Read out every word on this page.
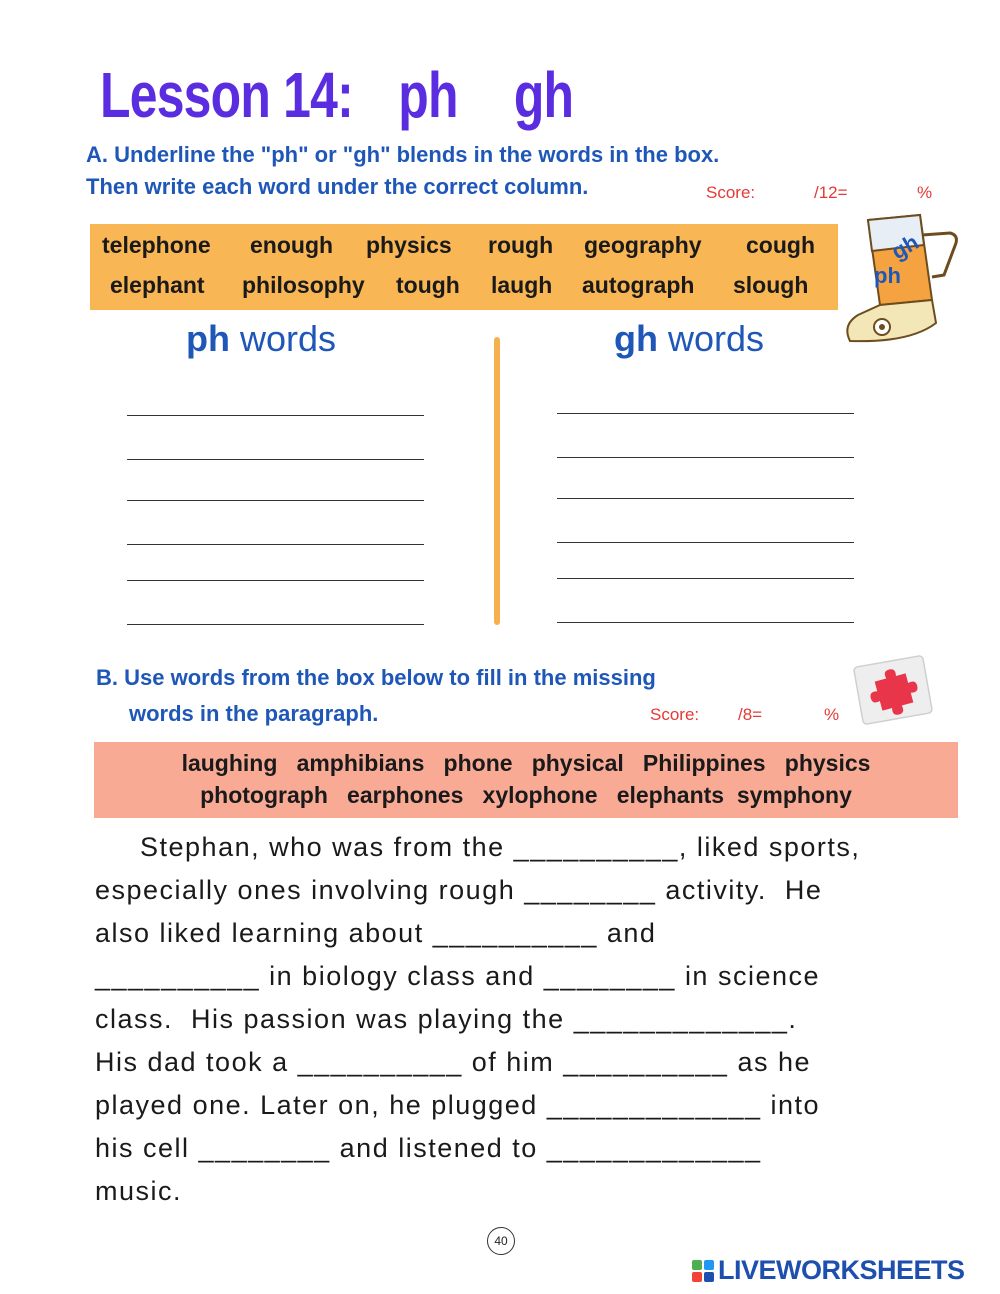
Lesson 14: ph gh
A. Underline the "ph" or "gh" blends in the words in the box.
Then write each word under the correct column.	Score:	/12=	%
telephone enough physics rough geography cough
elephant philosophy tough laugh autograph slough
gh
ph
ph words	gh words
B. Use words from the box below to fill in the missing
words in the paragraph.	Score: /8=	%
laughing   amphibians   phone   physical   Philippines   physics
photograph   earphones   xylophone   elephants  symphony
Stephan, who was from the __________, liked sports,
especially ones involving rough ________ activity.  He
also liked learning about __________ and
__________ in biology class and ________ in science
class.  His passion was playing the _____________.
His dad took a __________ of him __________ as he
played one. Later on, he plugged _____________ into
his cell ________ and listened to _____________
music.
40
LIVEWORKSHEETS
